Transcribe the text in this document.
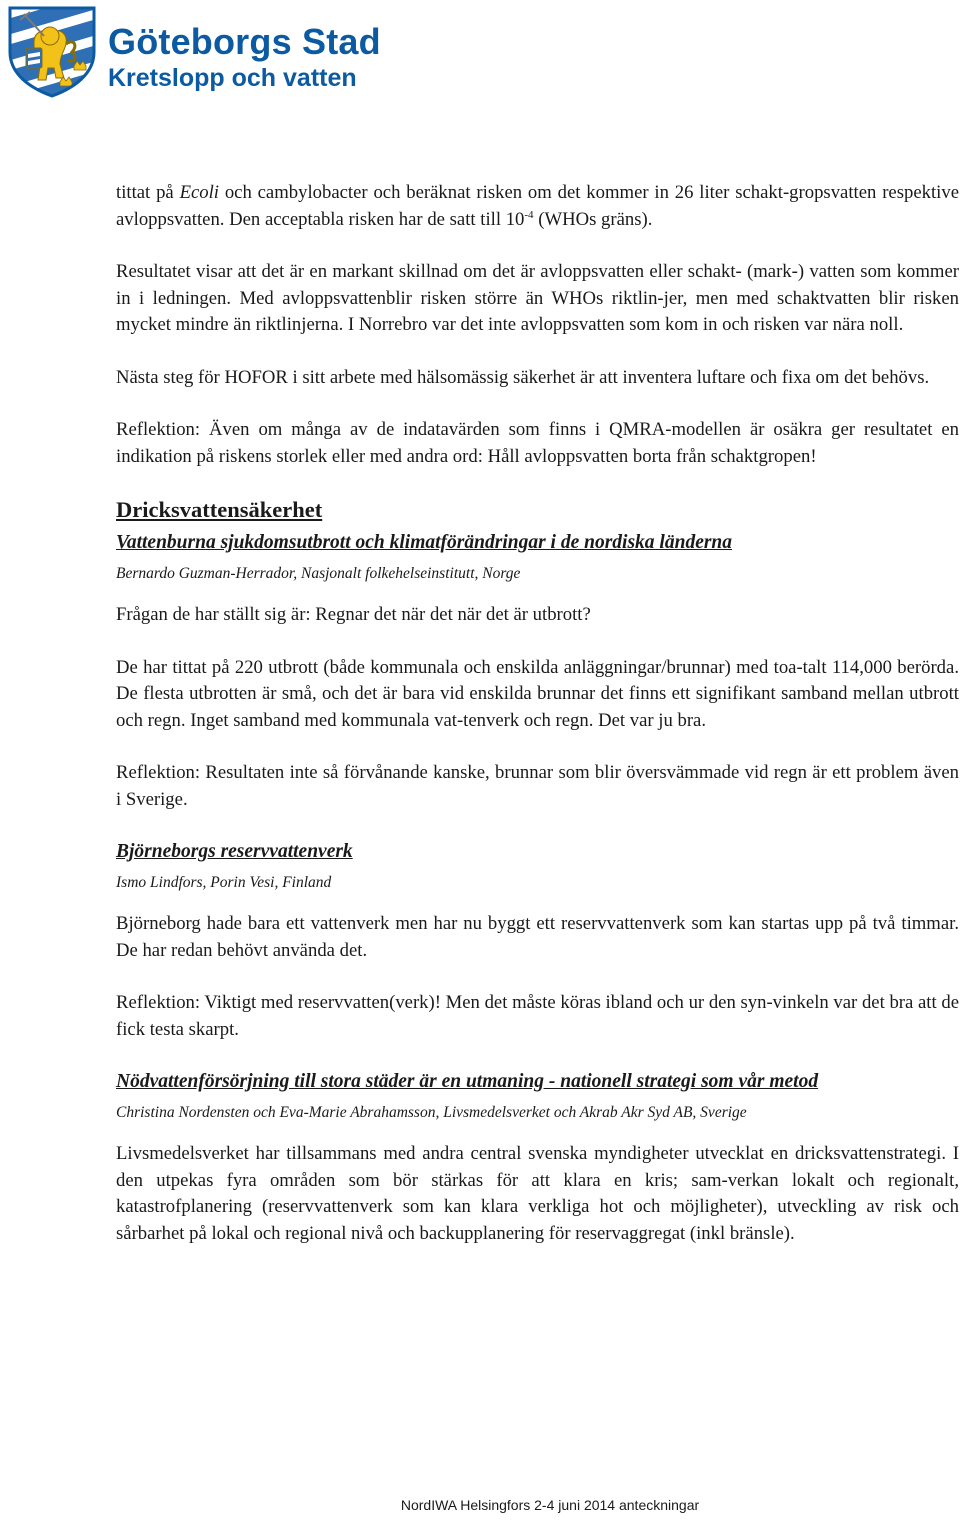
Göteborgs Stad
Kretslopp och vatten

tittat på Ecoli och cambylobacter och beräknat risken om det kommer in 26 liter schakt-gropsvatten respektive avloppsvatten. Den acceptabla risken har de satt till $10^{-4}$ (WHOs gräns).

Resultatet visar att det är en markant skillnad om det är avloppsvatten eller schakt- (mark-) vatten som kommer in i ledningen. Med avloppsvattenblir risken större än WHOs riktlin-jer, men med schaktvatten blir risken mycket mindre än riktlinjerna. I Norrebro var det inte avloppsvatten som kom in och risken var nära noll.

Nästa steg för HOFOR i sitt arbete med hälsomässig säkerhet är att inventera luftare och fixa om det behövs.

Reflektion: Även om många av de indatavärden som finns i QMRA-modellen är osäkra ger resultatet en indikation på riskens storlek eller med andra ord: Håll avloppsvatten borta från schaktgropen!

Dricksvattensäkerhet
Vattenburna sjukdomsutbrott och klimatförändringar i de nordiska länderna
Bernardo Guzman-Herrador, Nasjonalt folkehelseinstitutt, Norge

Frågan de har ställt sig är: Regnar det när det när det är utbrott?

De har tittat på 220 utbrott (både kommunala och enskilda anläggningar/brunnar) med toa-talt 114,000 berörda. De flesta utbrotten är små, och det är bara vid enskilda brunnar det finns ett signifikant samband mellan utbrott och regn. Inget samband med kommunala vat-tenverk och regn. Det var ju bra.

Reflektion: Resultaten inte så förvånande kanske, brunnar som blir översvämmade vid regn är ett problem även i Sverige.

Björneborgs reservvattenverk
Ismo Lindfors, Porin Vesi, Finland

Björneborg hade bara ett vattenverk men har nu byggt ett reservvattenverk som kan startas upp på två timmar. De har redan behövt använda det.

Reflektion: Viktigt med reservvatten(verk)! Men det måste köras ibland och ur den syn-vinkeln var det bra att de fick testa skarpt.

Nödvattenförsörjning till stora städer är en utmaning - nationell strategi som vår metod
Christina Nordensten och Eva-Marie Abrahamsson, Livsmedelsverket och Akrab Akr Syd AB, Sverige

Livsmedelsverket har tillsammans med andra central svenska myndigheter utvecklat en dricksvattenstrategi. I den utpekas fyra områden som bör stärkas för att klara en kris; sam-verkan lokalt och regionalt, katastrofplanering (reservvattenverk som kan klara verkliga hot och möjligheter), utveckling av risk och sårbarhet på lokal och regional nivå och backupplanering för reservaggregat (inkl bränsle).

NordIWA Helsingfors 2-4 juni 2014 anteckningar
